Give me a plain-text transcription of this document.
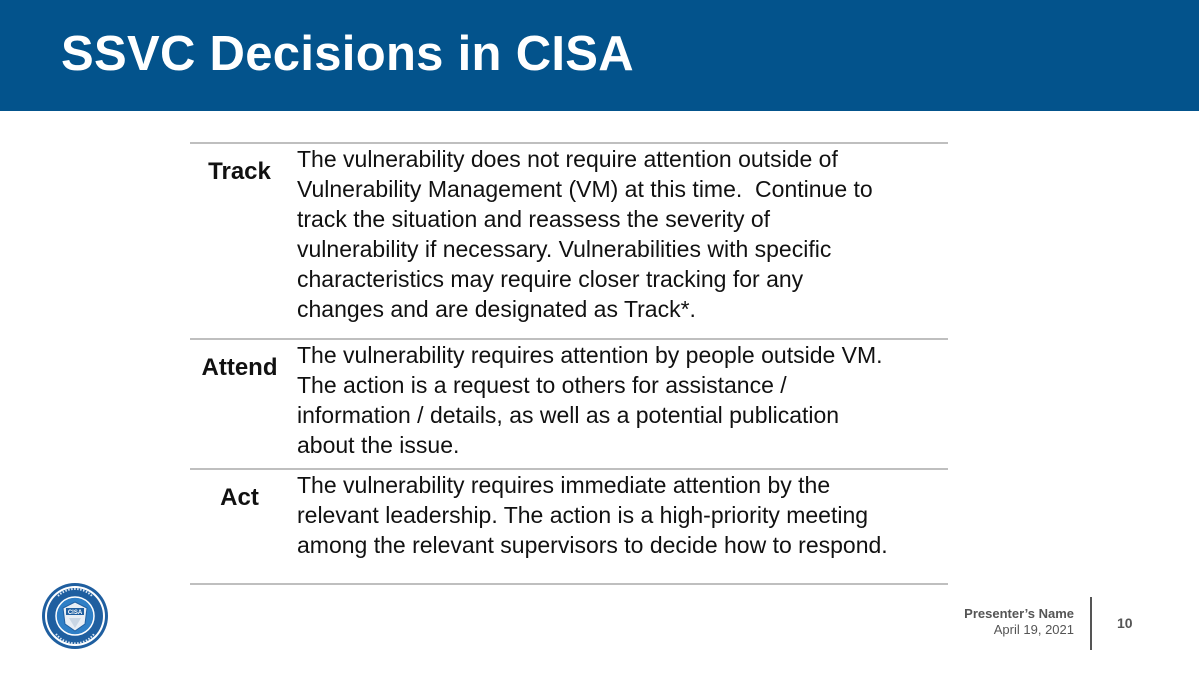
SSVC Decisions in CISA
Track	The vulnerability does not require attention outside of
Vulnerability Management (VM) at this time.  Continue to
track the situation and reassess the severity of
vulnerability if necessary. Vulnerabilities with specific
characteristics may require closer tracking for any
changes and are designated as Track*.
Attend The vulnerability requires attention by people outside VM.
The action is a request to others for assistance /
information / details, as well as a potential publication
about the issue.
Act	The vulnerability requires immediate attention by the
relevant leadership. The action is a high-priority meeting
among the relevant supervisors to decide how to respond.
CISA	Presenter’s Name
April 19, 2021	10
